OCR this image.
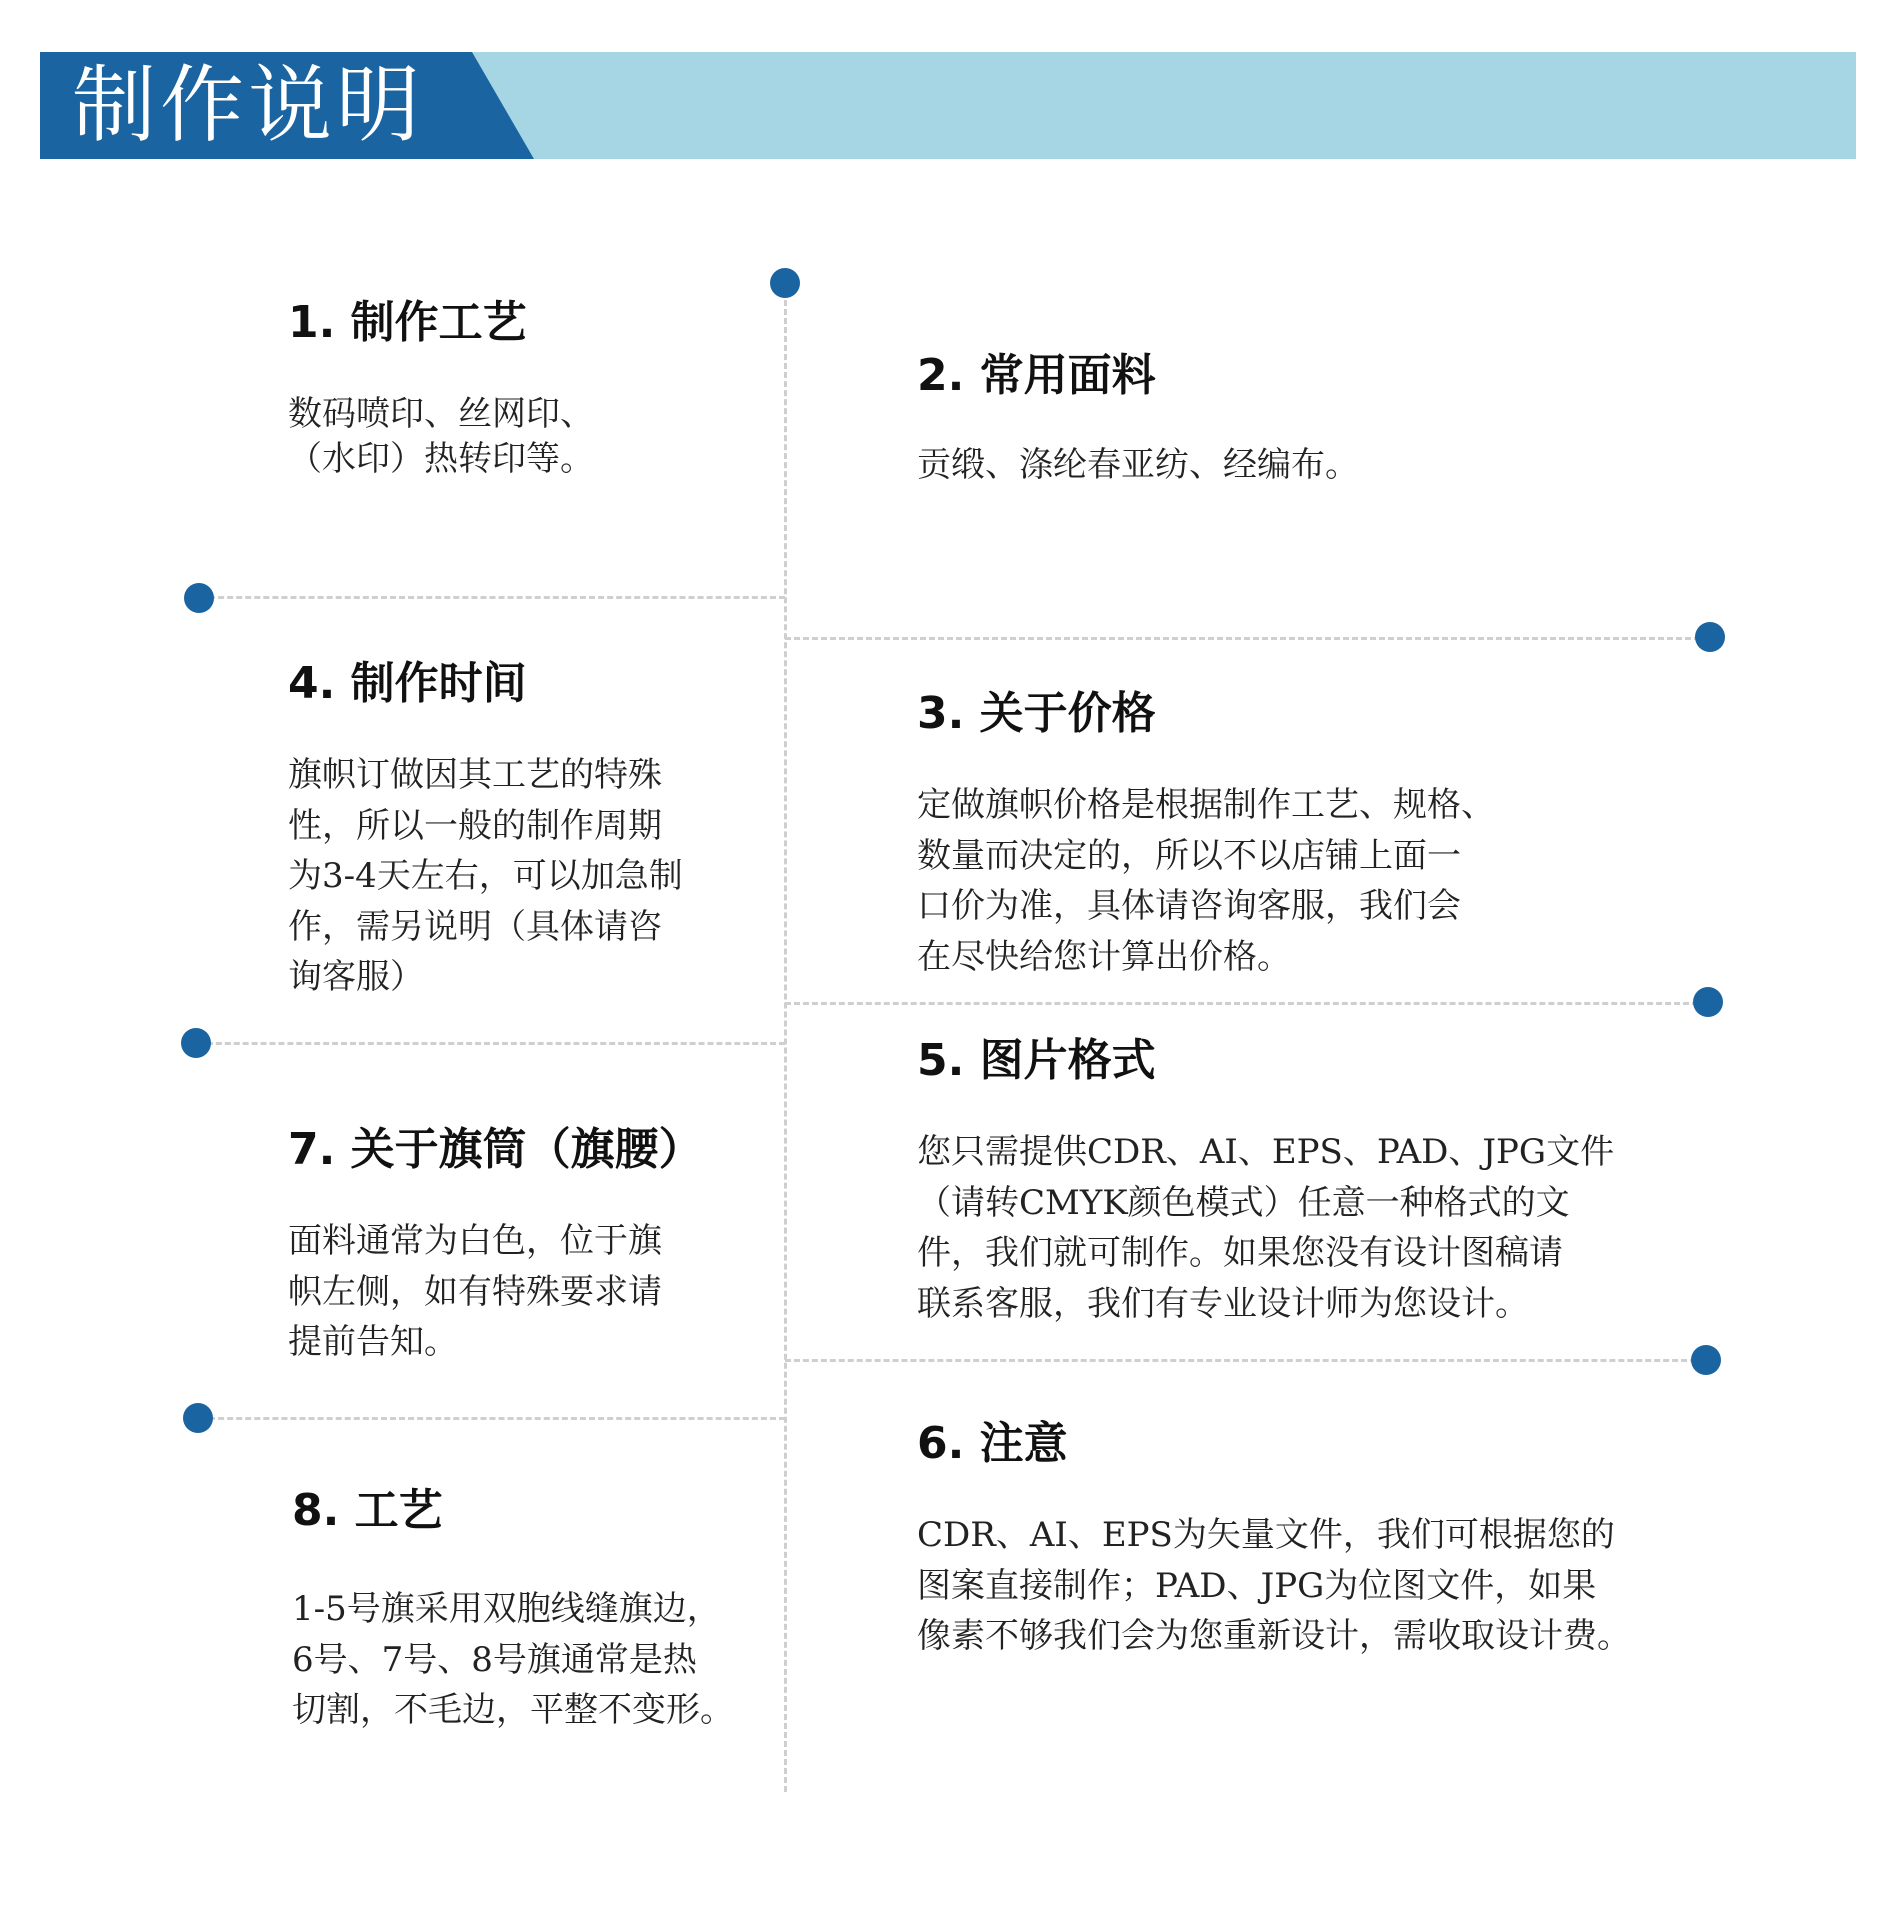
制作说明
1. 制作工艺

数码喷印、丝网印、
（水印）热转印等。

2. 常用面料

贡缎、涤纶春亚纺、经编布。

4. 制作时间

旗帜订做因其工艺的特殊
性，所以一般的制作周期
为3-4天左右，可以加急制
作，需另说明（具体请咨
询客服）

3. 关于价格

定做旗帜价格是根据制作工艺、规格、
数量而决定的，所以不以店铺上面一
口价为准，具体请咨询客服，我们会
在尽快给您计算出价格。

5. 图片格式

您只需提供CDR、AI、EPS、PAD、JPG文件
（请转CMYK颜色模式）任意一种格式的文
件，我们就可制作。如果您没有设计图稿请
联系客服，我们有专业设计师为您设计。

7. 关于旗筒（旗腰）

面料通常为白色，位于旗
帜左侧，如有特殊要求请
提前告知。

6. 注意

CDR、AI、EPS为矢量文件，我们可根据您的
图案直接制作；PAD、JPG为位图文件，如果
像素不够我们会为您重新设计，需收取设计费。

8. 工艺

1-5号旗采用双胞线缝旗边，
6号、7号、8号旗通常是热
切割，不毛边，平整不变形。
